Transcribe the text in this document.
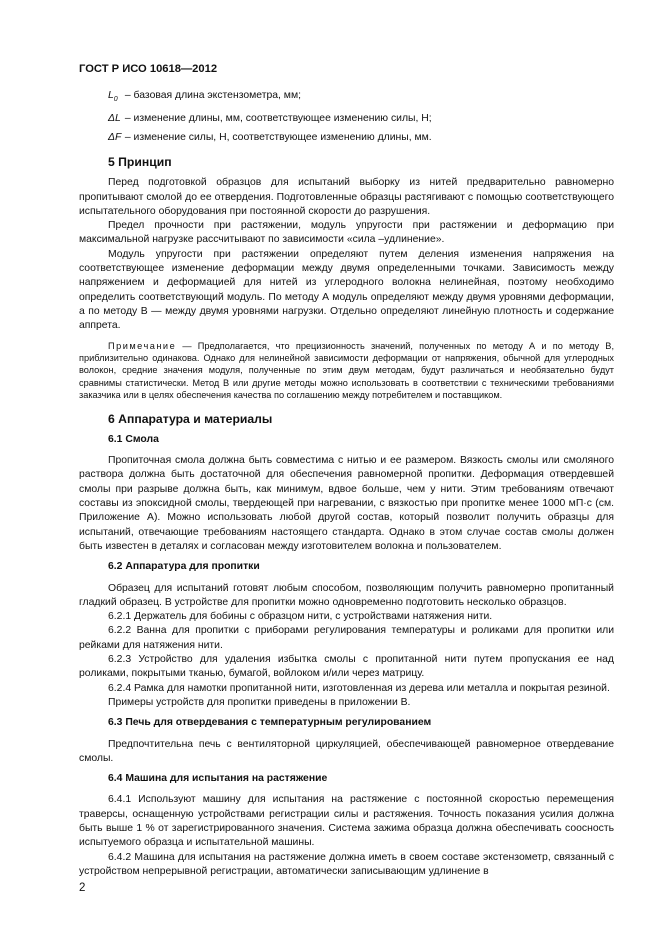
ГОСТ Р ИСО 10618—2012
$L_0$ – базовая длина экстензометра, мм;
ΔL – изменение длины, мм, соответствующее изменению силы, Н;
ΔF – изменение силы, Н, соответствующее изменению длины, мм.
5 Принцип

Перед подготовкой образцов для испытаний выборку из нитей предварительно равномерно пропитывают смолой до ее отвердения. Подготовленные образцы растягивают с помощью соответствующего испытательного оборудования при постоянной скорости до разрушения.

Предел прочности при растяжении, модуль упругости при растяжении и деформацию при максимальной нагрузке рассчитывают по зависимости «сила –удлинение».

Модуль упругости при растяжении определяют путем деления изменения напряжения на соответствующее изменение деформации между двумя определенными точками. Зависимость между напряжением и деформацией для нитей из углеродного волокна нелинейная, поэтому необходимо определить соответствующий модуль. По методу А модуль определяют между двумя уровнями деформации, а по методу В — между двумя уровнями нагрузки. Отдельно определяют линейную плотность и содержание аппрета.

Примечание — Предполагается, что прецизионность значений, полученных по методу А и по методу В, приблизительно одинакова. Однако для нелинейной зависимости деформации от напряжения, обычной для углеродных волокон, средние значения модуля, полученные по этим двум методам, будут различаться и необязательно будут сравнимы статистически. Метод В или другие методы можно использовать в соответствии с техническими требованиями заказчика или в целях обеспечения качества по соглашению между потребителем и поставщиком.

6 Аппаратура и материалы
6.1 Смола

Пропиточная смола должна быть совместима с нитью и ее размером. Вязкость смолы или смоляного раствора должна быть достаточной для обеспечения равномерной пропитки. Деформация отвердевшей смолы при разрыве должна быть, как минимум, вдвое больше, чем у нити. Этим требованиям отвечают составы из эпоксидной смолы, твердеющей при нагревании, с вязкостью при пропитке менее 1000 мП·с (см. Приложение А). Можно использовать любой другой состав, который позволит получить образцы для испытаний, отвечающие требованиям настоящего стандарта. Однако в этом случае состав смолы должен быть известен в деталях и согласован между изготовителем волокна и пользователем.

6.2 Аппаратура для пропитки

Образец для испытаний готовят любым способом, позволяющим получить равномерно пропитанный гладкий образец. В устройстве для пропитки можно одновременно подготовить несколько образцов.

6.2.1 Держатель для бобины с образцом нити, с устройствами натяжения нити.

6.2.2 Ванна для пропитки с приборами регулирования температуры и роликами для пропитки или рейками для натяжения нити.

6.2.3 Устройство для удаления избытка смолы с пропитанной нити путем пропускания ее над роликами, покрытыми тканью, бумагой, войлоком и/или через матрицу.

6.2.4 Рамка для намотки пропитанной нити, изготовленная из дерева или металла и покрытая резиной.

Примеры устройств для пропитки приведены в приложении В.

6.3 Печь для отвердевания с температурным регулированием

Предпочтительна печь с вентиляторной циркуляцией, обеспечивающей равномерное отвердевание смолы.

6.4 Машина для испытания на растяжение

6.4.1 Используют машину для испытания на растяжение с постоянной скоростью перемещения траверсы, оснащенную устройствами регистрации силы и растяжения. Точность показания усилия должна быть выше 1 % от зарегистрированного значения. Система зажима образца должна обеспечивать соосность испытуемого образца и испытательной машины.

6.4.2 Машина для испытания на растяжение должна иметь в своем составе экстензометр, связанный с устройством непрерывной регистрации, автоматически записывающим удлинение в

2
